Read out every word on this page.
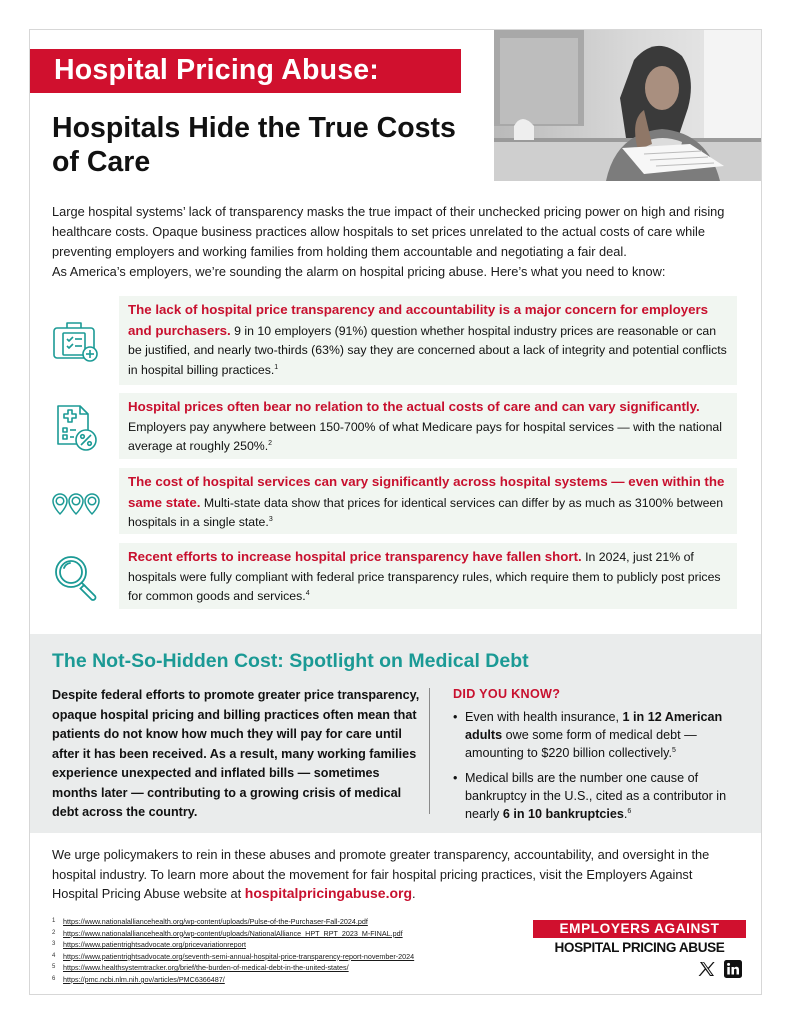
Hospital Pricing Abuse:
Hospitals Hide the True Costs of Care

Large hospital systems’ lack of transparency masks the true impact of their unchecked pricing power on high and rising healthcare costs. Opaque business practices allow hospitals to set prices unrelated to the actual costs of care while preventing employers and working families from holding them accountable and negotiating a fair deal.

As America’s employers, we’re sounding the alarm on hospital pricing abuse. Here’s what you need to know:

The lack of hospital price transparency and accountability is a major concern for employers and purchasers. 9 in 10 employers (91%) question whether hospital industry prices are reasonable or can be justified, and nearly two-thirds (63%) say they are concerned about a lack of integrity and potential conflicts in hospital billing practices.$^1$
Hospital prices often bear no relation to the actual costs of care and can vary significantly. Employers pay anywhere between 150-700% of what Medicare pays for hospital services — with the national average at roughly 250%.$^2$
The cost of hospital services can vary significantly across hospital systems — even within the same state. Multi-state data show that prices for identical services can differ by as much as 3100% between hospitals in a single state.$^3$
Recent efforts to increase hospital price transparency have fallen short. In 2024, just 21% of hospitals were fully compliant with federal price transparency rules, which require them to publicly post prices for common goods and services.$^4$
The Not-So-Hidden Cost: Spotlight on Medical Debt

Despite federal efforts to promote greater price transparency, opaque hospital pricing and billing practices often mean that patients do not know how much they will pay for care until after it has been received. As a result, many working families experience unexpected and inflated bills — sometimes months later — contributing to a growing crisis of medical debt across the country.

DID YOU KNOW?
• Even with health insurance, 1 in 12 American adults owe some form of medical debt — amounting to $220 billion collectively.$^5$
• Medical bills are the number one cause of bankruptcy in the U.S., cited as a contributor in nearly 6 in 10 bankruptcies.$^6$

We urge policymakers to rein in these abuses and promote greater transparency, accountability, and oversight in the hospital industry. To learn more about the movement for fair hospital pricing practices, visit the Employers Against Hospital Pricing Abuse website at hospitalpricingabuse.org.

1 https://www.nationalalliancehealth.org/wp-content/uploads/Pulse-of-the-Purchaser-Fall-2024.pdf
2 https://www.nationalalliancehealth.org/wp-content/uploads/NationalAlliance_HPT_RPT_2023_M-FINAL.pdf
3 https://www.patientrightsadvocate.org/pricevariationreport
4 https://www.patientrightsadvocate.org/seventh-semi-annual-hospital-price-transparency-report-november-2024
5 https://www.healthsystemtracker.org/brief/the-burden-of-medical-debt-in-the-united-states/
6 https://pmc.ncbi.nlm.nih.gov/articles/PMC6366487/
EMPLOYERS AGAINST
HOSPITAL PRICING ABUSE
